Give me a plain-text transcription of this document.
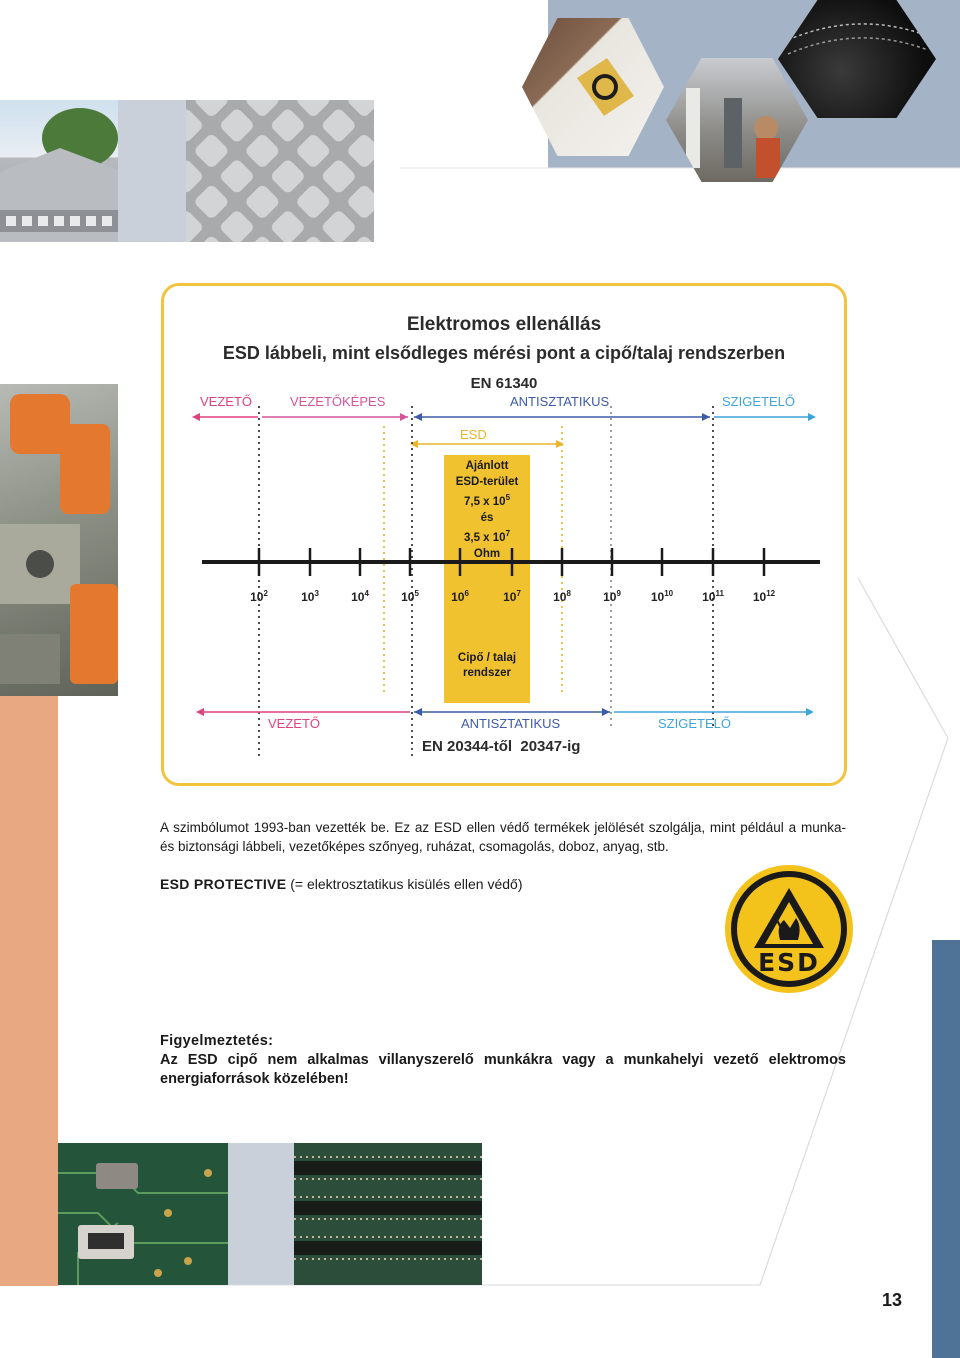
Elektromos ellenállás
ESD lábbeli, mint elsődleges mérési pont a cipő/talaj rendszerben
EN 61340
VEZETŐ	VEZETŐKÉPES	ANTISZTATIKUS	SZIGETELŐ
ESD
Ajánlott
ESD-terület
7,5 x $10^5$
és
3,5 x $10^7$
Ohm
$10^2$	$10^3$	$10^4$	$10^5$	$10^6$	$10^7$	$10^8$	$10^9$	$10^{10}$	$10^{11}$	$10^{12}$
Cipő / talaj
rendszer
VEZETŐ	ANTISZTATIKUS	SZIGETELŐ
EN 20344-től  20347-ig
A szimbólumot 1993-ban vezették be. Ez az ESD ellen védő termékek jelölését szolgálja, mint például a munka- és biztonsági lábbeli, vezetőképes szőnyeg, ruházat, csomagolás, doboz, anyag, stb.
ESD PROTECTIVE (= elektrosztatikus kisülés ellen védő)
ESD
Figyelmeztetés:
Az ESD cipő nem alkalmas villanyszerelő munkákra vagy a munkahelyi vezető elektromos energiaforrások közelében!
13
